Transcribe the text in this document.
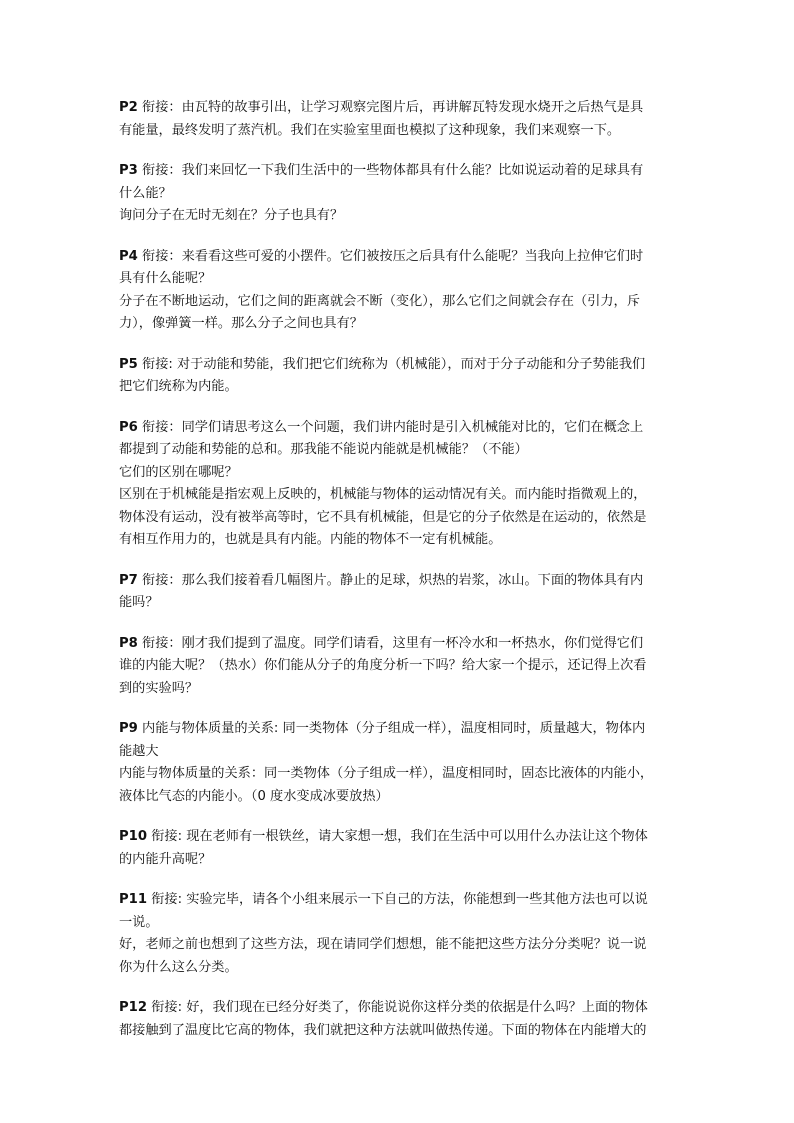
P2 衔接：由瓦特的故事引出，让学习观察完图片后，再讲解瓦特发现水烧开之后热气是具
有能量，最终发明了蒸汽机。我们在实验室里面也模拟了这种现象，我们来观察一下。
P3 衔接：我们来回忆一下我们生活中的一些物体都具有什么能？比如说运动着的足球具有
什么能？
询问分子在无时无刻在？分子也具有？
P4 衔接：来看看这些可爱的小摆件。它们被按压之后具有什么能呢？当我向上拉伸它们时
具有什么能呢？
分子在不断地运动，它们之间的距离就会不断（变化），那么它们之间就会存在（引力，斥
力），像弹簧一样。那么分子之间也具有？
P5 衔接: 对于动能和势能，我们把它们统称为（机械能），而对于分子动能和分子势能我们
把它们统称为内能。
P6 衔接：同学们请思考这么一个问题，我们讲内能时是引入机械能对比的，它们在概念上
都提到了动能和势能的总和。那我能不能说内能就是机械能？（不能）
它们的区别在哪呢？
区别在于机械能是指宏观上反映的，机械能与物体的运动情况有关。而内能时指微观上的，
物体没有运动，没有被举高等时，它不具有机械能，但是它的分子依然是在运动的，依然是
有相互作用力的，也就是具有内能。内能的物体不一定有机械能。
P7 衔接：那么我们接着看几幅图片。静止的足球，炽热的岩浆，冰山。下面的物体具有内
能吗？
P8 衔接：刚才我们提到了温度。同学们请看，这里有一杯冷水和一杯热水，你们觉得它们
谁的内能大呢？（热水）你们能从分子的角度分析一下吗？给大家一个提示，还记得上次看
到的实验吗？
P9 内能与物体质量的关系: 同一类物体（分子组成一样），温度相同时，质量越大，物体内
能越大
内能与物体质量的关系：同一类物体（分子组成一样），温度相同时，固态比液体的内能小，
液体比气态的内能小。（0 度水变成冰要放热）
P10 衔接: 现在老师有一根铁丝，请大家想一想，我们在生活中可以用什么办法让这个物体
的内能升高呢？
P11 衔接: 实验完毕，请各个小组来展示一下自己的方法，你能想到一些其他方法也可以说
一说。
好，老师之前也想到了这些方法，现在请同学们想想，能不能把这些方法分分类呢？说一说
你为什么这么分类。
P12 衔接: 好，我们现在已经分好类了，你能说说你这样分类的依据是什么吗？上面的物体
都接触到了温度比它高的物体，我们就把这种方法就叫做热传递。下面的物体在内能增大的
